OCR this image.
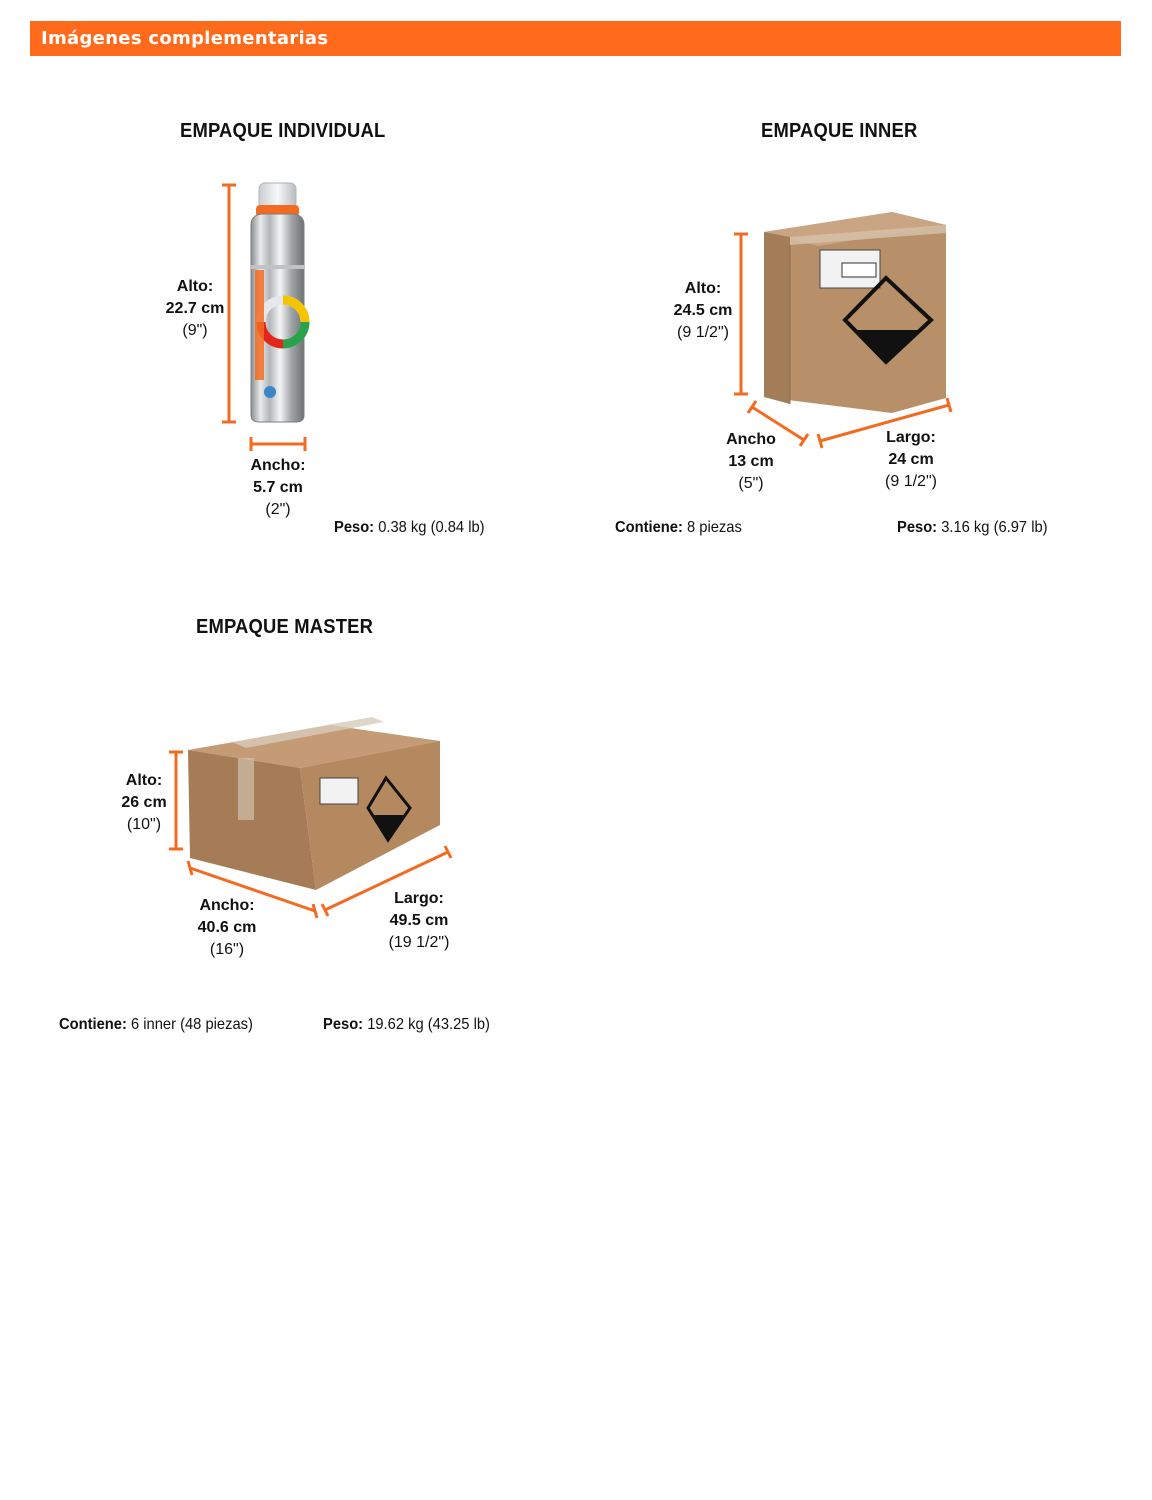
Imágenes complementarias
EMPAQUE INDIVIDUAL	EMPAQUE INNER
EMPAQUE MASTER
Alto:
22.7 cm
(9")
Ancho:
5.7 cm
(2")
Peso: 0.38 kg (0.84 lb)
Alto:
24.5 cm
(9 1/2")
Ancho
13 cm
(5")
Largo:
24 cm
(9 1/2")
Contiene: 8 piezas	Peso: 3.16 kg (6.97 lb)
Alto:
26 cm
(10")
Ancho:
40.6 cm
(16")
Largo:
49.5 cm
(19 1/2")
Contiene: 6 inner (48 piezas)	Peso: 19.62 kg (43.25 lb)
